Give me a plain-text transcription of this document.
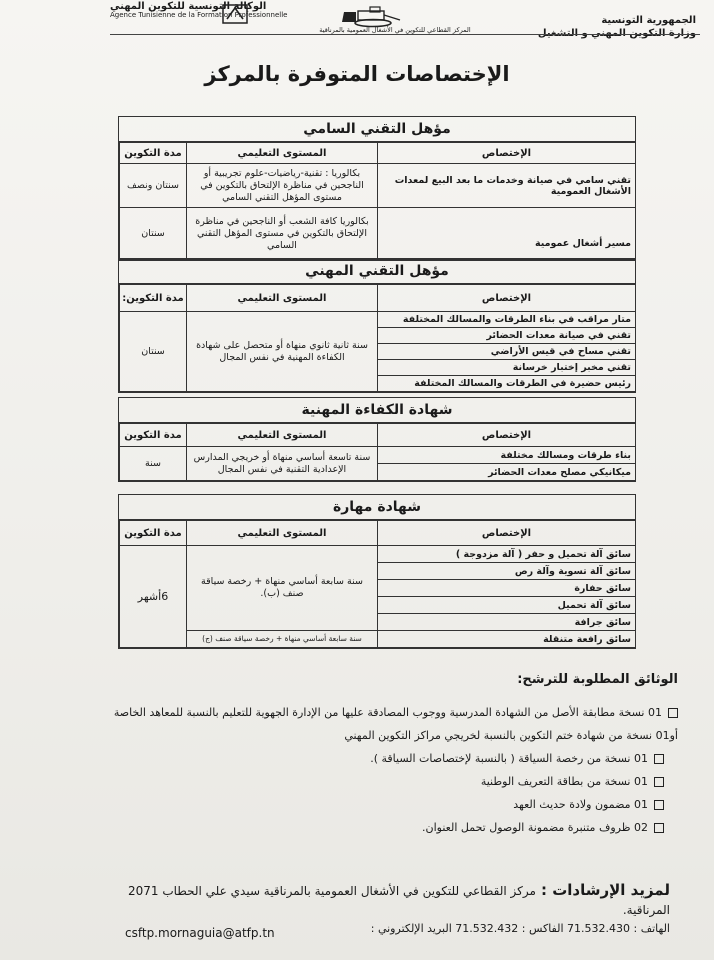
الجمهورية التونسية
وزارة التكوين المهني و التشغيل
المركز القطاعي للتكوين في الأشغال العمومية بالمرناقية
الوكالة التونسية للتكوين المهني
Agence Tunisienne de la Formation Professionnelle
الإختصاصات المتوفرة بالمركز
مؤهل التقني السامي
الإختصاص	المستوى التعليمي	مدة التكوين
تقني سامي في صيانة وخدمات ما بعد البيع لمعدات الأشغال العمومية	بكالوريا : تقنية-رياضيات-علوم تجريبية أو الناجحين في مناظرة الإلتحاق بالتكوين في مستوى المؤهل التقني السامي	سنتان ونصف
مسير أشغال عمومية	بكالوريا كافة الشعب أو الناجحين في مناظرة الإلتحاق بالتكوين في مستوى المؤهل التقني السامي	سنتان
مؤهل التقني المهني
الإختصاص	المستوى التعليمي	مدة التكوين:
متار مراقب في بناء الطرقات والمسالك المختلفة	سنة ثانية ثانوي منهاة أو متحصل على شهادة الكفاءة المهنية في نفس المجال	سنتان
تقني في صيانة معدات الحضائر		
تقني مساح في قيس الأراضي		
تقني مخبر إختبار خرسانة		
رئيس حضيرة في الطرقات والمسالك المختلفة		
شهادة الكفاءة المهنية
الإختصاص	المستوى التعليمي	مدة التكوين
بناء طرقات ومسالك مختلفة	سنة تاسعة أساسي منهاة أو خريجي المدارس الإعدادية التقنية في نفس المجال	سنة
ميكانيكي مصلح معدات الحضائر		
شهادة مهارة
الإختصاص	المستوى التعليمي	مدة التكوين
سائق آلة تحميل و حفر ( آلة مزدوجة )	سنة سابعة أساسي منهاة + رخصة سياقة صنف (ب).	6أشهر
سائق آلة تسوية وآلة رص		
سائق حفارة		
سائق آلة تحميل		
سائق جرافة		
سائق رافعة متنقلة	سنة سابعة أساسي منهاة + رخصة سياقة صنف (ج)	
الوثائق المطلوبة للترشح:
01 نسخة مطابقة الأصل من الشهادة المدرسية ووجوب المصادقة عليها من الإدارة الجهوية للتعليم بالنسبة للمعاهد الخاصة
أو01 نسخة من شهادة ختم التكوين بالنسبة لخريجي مراكز التكوين المهني
01 نسخة من رخصة السياقة ( بالنسبة لإختصاصات السياقة ).
01 نسخة من بطاقة التعريف الوطنية
01 مضمون ولادة حديث العهد
02 ظروف متنبرة مضمونة الوصول تحمل العنوان.
لمزيد الإرشادات : مركز القطاعي للتكوين في الأشغال العمومية بالمرناقية سيدي علي الحطاب 2071 المرناقية.
الهاتف : 71.532.430 الفاكس : 71.532.432 البريد الإلكتروني :
csftp.mornaguia@atfp.tn
